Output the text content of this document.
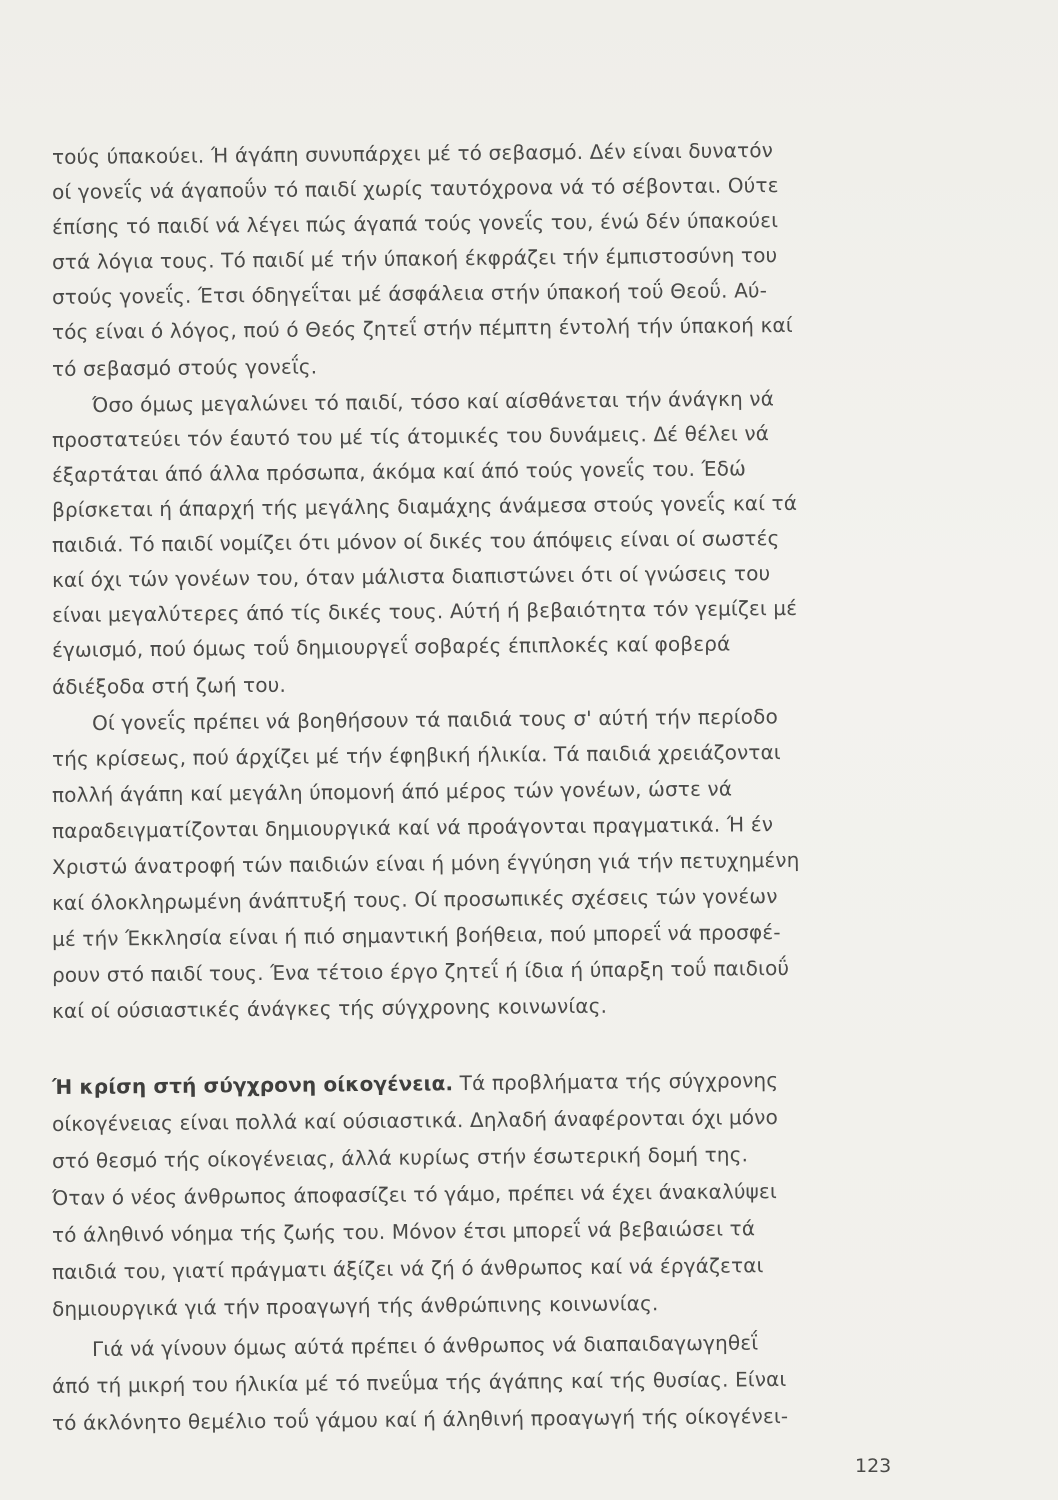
τούς ύπακούει. Ή άγάπη συνυπάρχει μέ τό σεβασμό. Δέν είναι δυνατόν

οί γονεΐς νά άγαποΰν τό παιδί χωρίς ταυτόχρονα νά τό σέβονται. Ούτε

έπίσης τό παιδί νά λέγει πώς άγαπά τούς γονεΐς του, ένώ δέν ύπακούει

στά λόγια τους. Τό παιδί μέ τήν ύπακοή έκφράζει τήν έμπιστοσύνη του

στούς γονεΐς. Έτσι όδηγεΐται μέ άσφάλεια στήν ύπακοή τοΰ Θεοΰ. Αύ-

τός είναι ό λόγος, πού ό Θεός ζητεΐ στήν πέμπτη έντολή τήν ύπακοή καί

τό σεβασμό στούς γονεΐς.

Όσο όμως μεγαλώνει τό παιδί, τόσο καί αίσθάνεται τήν άνάγκη νά

προστατεύει τόν έαυτό του μέ τίς άτομικές του δυνάμεις. Δέ θέλει νά

έξαρτάται άπό άλλα πρόσωπα, άκόμα καί άπό τούς γονεΐς του. Έδώ

βρίσκεται ή άπαρχή τής μεγάλης διαμάχης άνάμεσα στούς γονεΐς καί τά

παιδιά. Τό παιδί νομίζει ότι μόνον οί δικές του άπόψεις είναι οί σωστές

καί όχι τών γονέων του, όταν μάλιστα διαπιστώνει ότι οί γνώσεις του

είναι μεγαλύτερες άπό τίς δικές τους. Αύτή ή βεβαιότητα τόν γεμίζει μέ

έγωισμό, πού όμως τοΰ δημιουργεΐ σοβαρές έπιπλοκές καί φοβερά

άδιέξοδα στή ζωή του.

Οί γονεΐς πρέπει νά βοηθήσουν τά παιδιά τους σ' αύτή τήν περίοδο

τής κρίσεως, πού άρχίζει μέ τήν έφηβική ήλικία. Τά παιδιά χρειάζονται

πολλή άγάπη καί μεγάλη ύπομονή άπό μέρος τών γονέων, ώστε νά

παραδειγματίζονται δημιουργικά καί νά προάγονται πραγματικά. Ή έν

Χριστώ άνατροφή τών παιδιών είναι ή μόνη έγγύηση γιά τήν πετυχημένη

καί όλοκληρωμένη άνάπτυξή τους. Οί προσωπικές σχέσεις τών γονέων

μέ τήν Έκκλησία είναι ή πιό σημαντική βοήθεια, πού μπορεΐ νά προσφέ-

ρουν στό παιδί τους. Ένα τέτοιο έργο ζητεΐ ή ίδια ή ύπαρξη τοΰ παιδιοΰ

καί οί ούσιαστικές άνάγκες τής σύγχρονης κοινωνίας.

Ή κρίση στή σύγχρονη οίκογένεια. Τά προβλήματα τής σύγχρονης

οίκογένειας είναι πολλά καί ούσιαστικά. Δηλαδή άναφέρονται όχι μόνο

στό θεσμό τής οίκογένειας, άλλά κυρίως στήν έσωτερική δομή της.

Όταν ό νέος άνθρωπος άποφασίζει τό γάμο, πρέπει νά έχει άνακαλύψει

τό άληθινό νόημα τής ζωής του. Μόνον έτσι μπορεΐ νά βεβαιώσει τά

παιδιά του, γιατί πράγματι άξίζει νά ζή ό άνθρωπος καί νά έργάζεται

δημιουργικά γιά τήν προαγωγή τής άνθρώπινης κοινωνίας.

Γιά νά γίνουν όμως αύτά πρέπει ό άνθρωπος νά διαπαιδαγωγηθεΐ

άπό τή μικρή του ήλικία μέ τό πνεΰμα τής άγάπης καί τής θυσίας. Είναι

τό άκλόνητο θεμέλιο τοΰ γάμου καί ή άληθινή προαγωγή τής οίκογένει-

123
